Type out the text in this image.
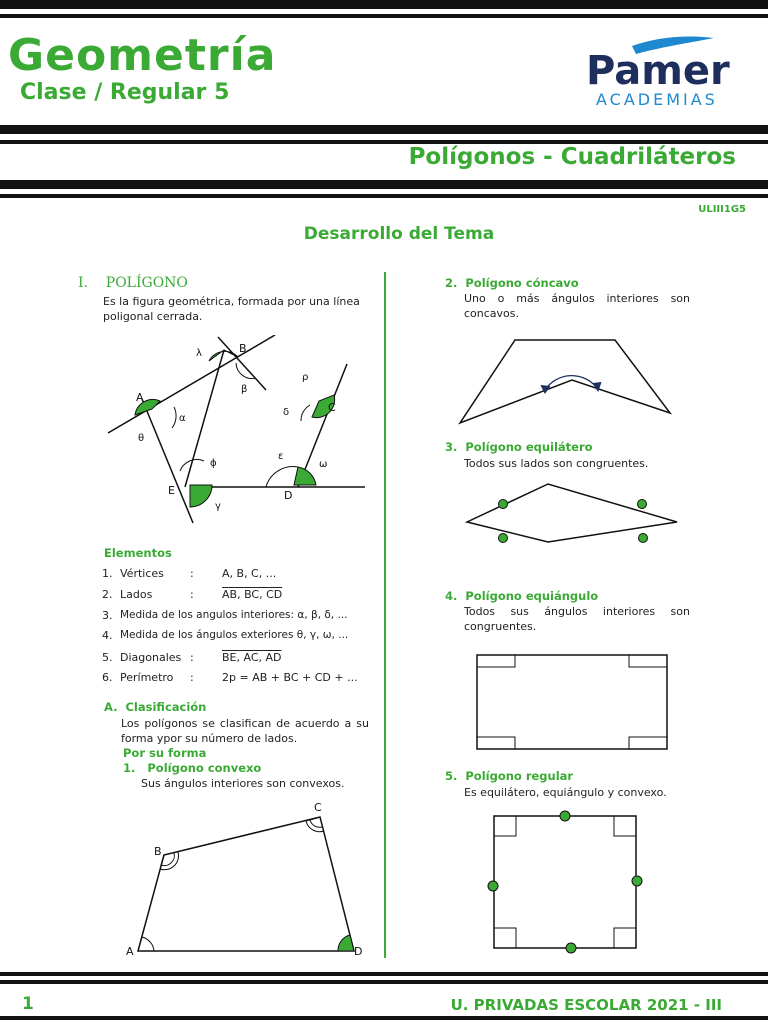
Geometría
Clase / Regular 5	Pamer
ACADEMIAS
Polígonos - Cuadriláteros
ULIII1G5
Desarrollo del Tema
I.    POLÍGONO
Es la figura geométrica, formada por una línea poligonal cerrada.
B
A
C
D
E
λ
β
ρ
α
θ
δ
ϕ
ε
ω
γ
Elementos
1. Vértices :	A, B, C, ...
2. Lados	:	AB, BC, CD
3. Medida de los angulos interiores: α, β, δ, ...
4. Medida de los ángulos exteriores θ, γ, ω, ...
5. Diagonales :	BE, AC, AD
6. Perímetro :	2p = AB + BC + CD + ...
A.  Clasificación
Los polígonos se clasifican de acuerdo a su forma ypor su número de lados.
Por su forma
1.   Polígono convexo
Sus ángulos interiores son convexos.
A
B
C
D
2.  Polígono cóncavo
Uno o más ángulos interiores son concavos.
3.  Polígono equilátero
Todos sus lados son congruentes.
4.  Polígono equiángulo
Todos sus ángulos interiores son congruentes.
5.  Polígono regular
Es equilátero, equiángulo y convexo.
1	U. PRIVADAS ESCOLAR 2021 - III
